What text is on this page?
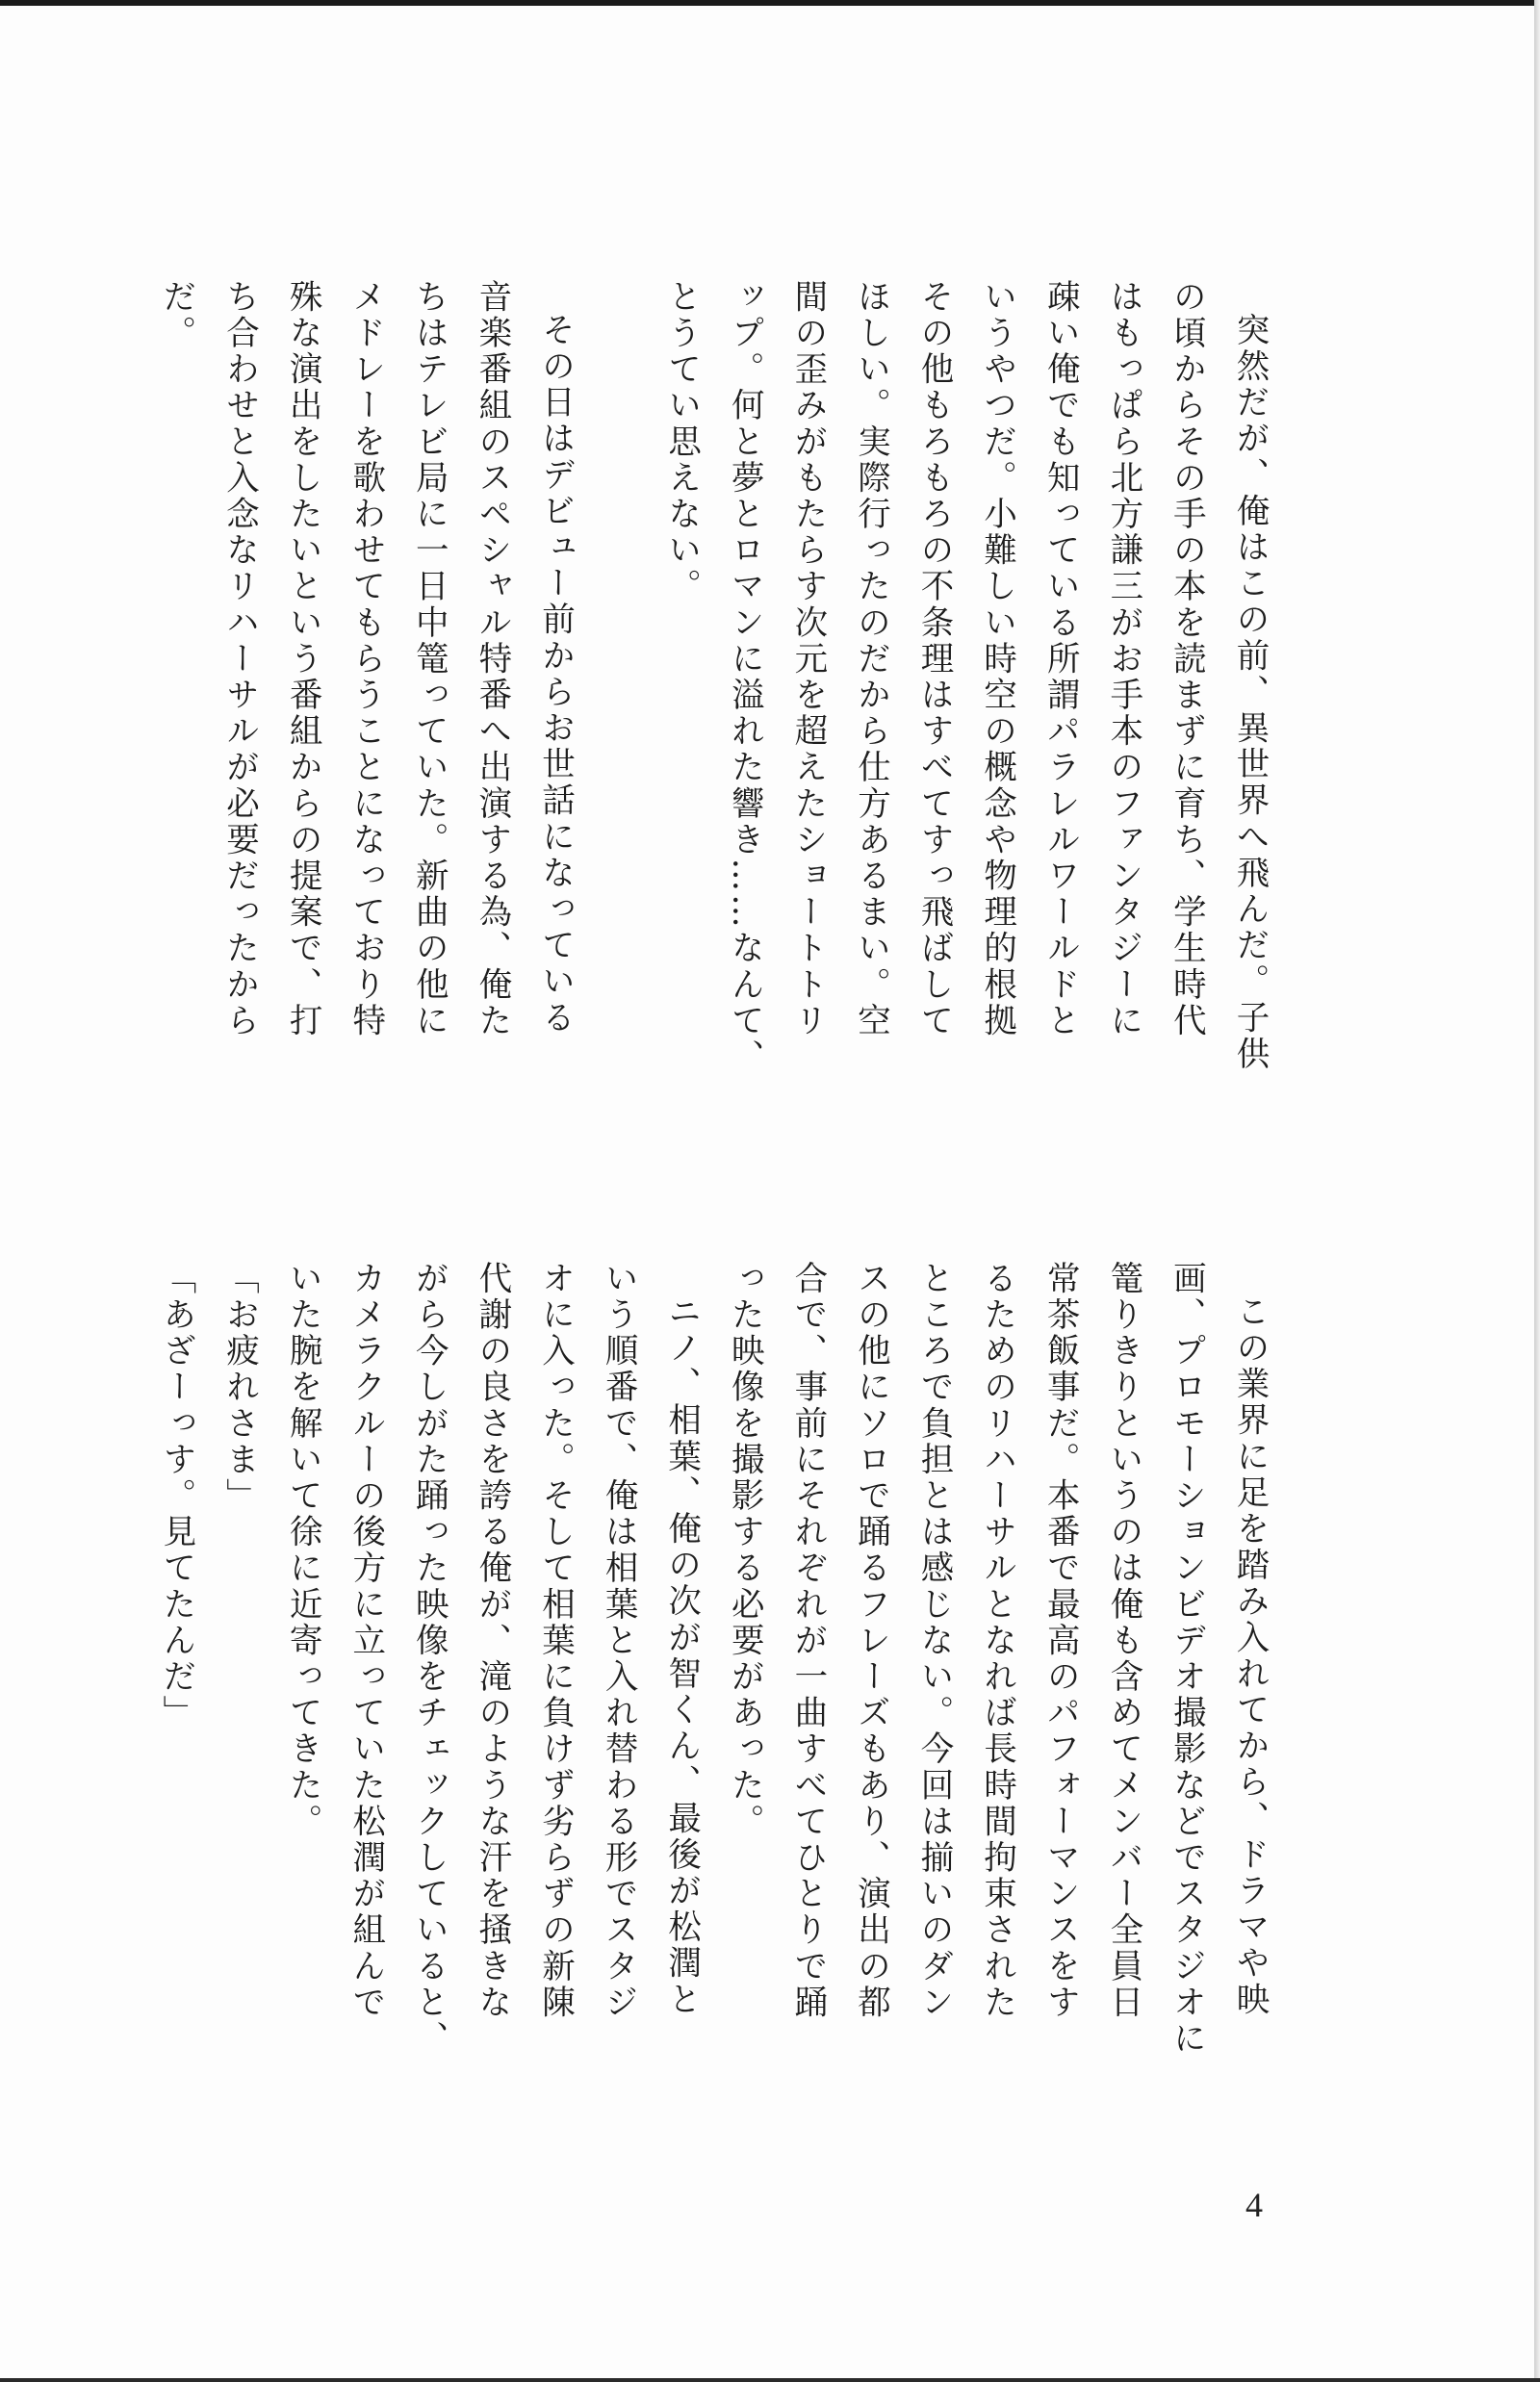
突然だが、俺はこの前、異世界へ飛んだ。子供
の頃からその手の本を読まずに育ち、学生時代
はもっぱら北方謙三がお手本のファンタジーに
疎い俺でも知っている所謂パラレルワールドと
いうやつだ。小難しい時空の概念や物理的根拠
その他もろもろの不条理はすべてすっ飛ばして
ほしい。実際行ったのだから仕方あるまい。空
間の歪みがもたらす次元を超えたショートトリ
ップ。何と夢とロマンに溢れた響き……なんて、
とうてい思えない。
その日はデビュー前からお世話になっている
音楽番組のスペシャル特番へ出演する為、俺た
ちはテレビ局に一日中篭っていた。新曲の他に
メドレーを歌わせてもらうことになっており特
殊な演出をしたいという番組からの提案で、打
ち合わせと入念なリハーサルが必要だったから
だ。
この業界に足を踏み入れてから、ドラマや映
画、プロモーションビデオ撮影などでスタジオに
篭りきりというのは俺も含めてメンバー全員日
常茶飯事だ。本番で最高のパフォーマンスをす
るためのリハーサルとなれば長時間拘束された
ところで負担とは感じない。今回は揃いのダン
スの他にソロで踊るフレーズもあり、演出の都
合で、事前にそれぞれが一曲すべてひとりで踊
った映像を撮影する必要があった。
ニノ、相葉、俺の次が智くん、最後が松潤と
いう順番で、俺は相葉と入れ替わる形でスタジ
オに入った。そして相葉に負けず劣らずの新陳
代謝の良さを誇る俺が、滝のような汗を掻きな
がら今しがた踊った映像をチェックしていると、
カメラクルーの後方に立っていた松潤が組んで
いた腕を解いて徐に近寄ってきた。
「お疲れさま」
「あざーっす。見てたんだ」
4
